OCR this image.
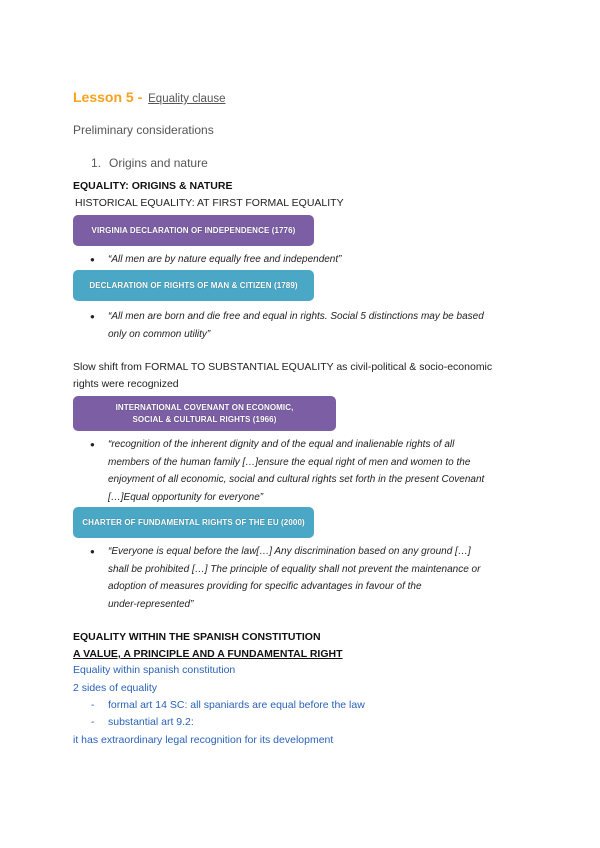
Lesson 5 - Equality clause
Preliminary considerations
1. Origins and nature
EQUALITY: ORIGINS & NATURE
HISTORICAL EQUALITY: AT FIRST FORMAL EQUALITY
VIRGINIA DECLARATION OF INDEPENDENCE (1776)
● “All men are by nature equally free and independent”
DECLARATION OF RIGHTS OF MAN & CITIZEN (1789)
● “All men are born and die free and equal in rights. Social 5 distinctions may be based
only on common utility”
Slow shift from FORMAL TO SUBSTANTIAL EQUALITY as civil-political & socio-economic
rights were recognized
INTERNATIONAL COVENANT ON ECONOMIC,
SOCIAL & CULTURAL RIGHTS (1966)
● “recognition of the inherent dignity and of the equal and inalienable rights of all
members of the human family […]ensure the equal right of men and women to the
enjoyment of all economic, social and cultural rights set forth in the present Covenant
[…]Equal opportunity for everyone”
CHARTER OF FUNDAMENTAL RIGHTS OF THE EU (2000)
● “Everyone is equal before the law[…] Any discrimination based on any ground […]
shall be prohibited […] The principle of equality shall not prevent the maintenance or
adoption of measures providing for specific advantages in favour of the
under-represented”
EQUALITY WITHIN THE SPANISH CONSTITUTION
A VALUE, A PRINCIPLE AND A FUNDAMENTAL RIGHT
Equality within spanish constitution
2 sides of equality
- formal art 14 SC: all spaniards are equal before the law
- substantial art 9.2:
it has extraordinary legal recognition for its development
